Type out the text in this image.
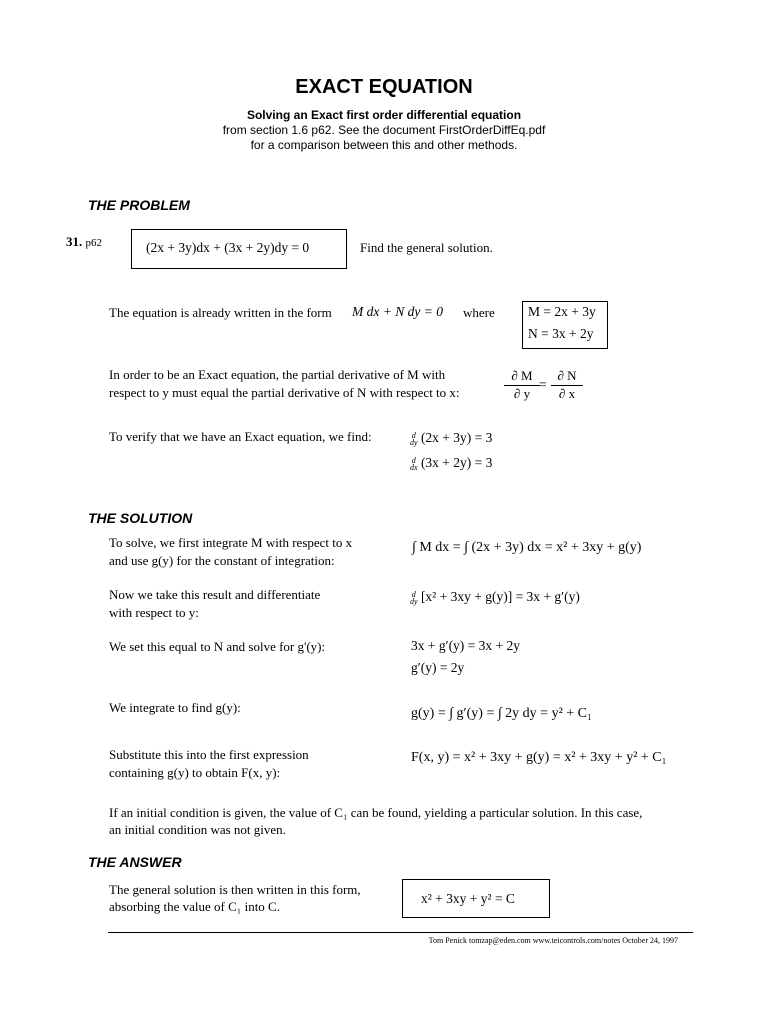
EXACT EQUATION
Solving an Exact first order differential equation
from section 1.6 p62. See the document FirstOrderDiffEq.pdf
for a comparison between this and other methods.
THE PROBLEM
31. p62	(2x + 3y)dx + (3x + 2y)dy = 0	Find the general solution.
The equation is already written in the form M dx + N dy = 0 where M = 2x + 3y
N = 3x + 2y
In order to be an Exact equation, the partial derivative of M with
respect to y must equal the partial derivative of N with respect to x:	$\frac{\partial M}{\partial y} = \frac{\partial N}{\partial x}$
To verify that we have an Exact equation, we find:	d
dy (2x + 3y) = 3
d
dx (3x + 2y) = 3
THE SOLUTION
To solve, we first integrate M with respect to x
and use g(y) for the constant of integration:
∫ M dx = ∫ (2x + 3y) dx = x² + 3xy + g(y)
Now we take this result and differentiate
with respect to y:
d
dy [x² + 3xy + g(y)] = 3x + g′(y)
We set this equal to N and solve for g'(y):	3x + g′(y) = 3x + 2y
g′(y) = 2y
We integrate to find g(y):	g(y) = ∫ g′(y) = ∫ 2y dy = y² + C₁
Substitute this into the first expression
containing g(y) to obtain F(x, y):
F(x, y) = x² + 3xy + g(y) = x² + 3xy + y² + C₁
If an initial condition is given, the value of C₁ can be found, yielding a particular solution. In this case,
an initial condition was not given.
THE ANSWER
The general solution is then written in this form,
absorbing the value of C₁ into C.
x² + 3xy + y² = C
Tom Penick tomzap@eden.com www.teicontrols.com/notes October 24, 1997
